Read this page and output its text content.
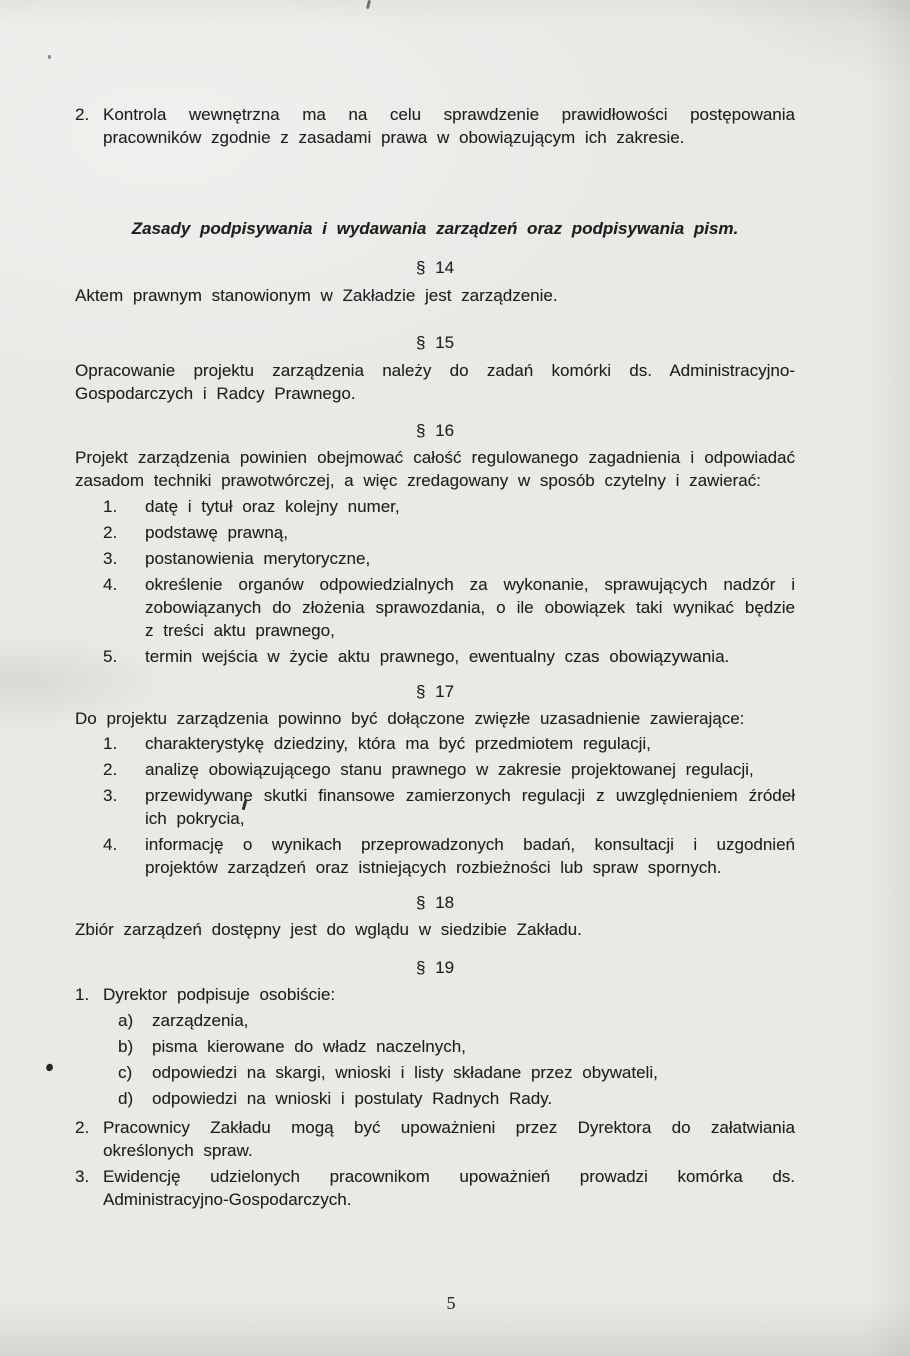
2. Kontrola wewnętrzna ma na celu sprawdzenie prawidłowości postępowania pracowników zgodnie z zasadami prawa w obowiązującym ich zakresie.
Zasady podpisywania i wydawania zarządzeń oraz podpisywania pism.
§ 14
Aktem prawnym stanowionym w Zakładzie jest zarządzenie.
§ 15
Opracowanie projektu zarządzenia należy do zadań komórki ds. Administracyjno-Gospodarczych i Radcy Prawnego.
§ 16
Projekt zarządzenia powinien obejmować całość regulowanego zagadnienia i odpowiadać zasadom techniki prawotwórczej, a więc zredagowany w sposób czytelny i zawierać:
1.	datę i tytuł oraz kolejny numer,
2.	podstawę prawną,
3.	postanowienia merytoryczne,
4.	określenie organów odpowiedzialnych za wykonanie, sprawujących nadzór i zobowiązanych do złożenia sprawozdania, o ile obowiązek taki wynikać będzie z treści aktu prawnego,
5.	termin wejścia w życie aktu prawnego, ewentualny czas obowiązywania.
§ 17
Do projektu zarządzenia powinno być dołączone zwięzłe uzasadnienie zawierające:
1.	charakterystykę dziedziny, która ma być przedmiotem regulacji,
2.	analizę obowiązującego stanu prawnego w zakresie projektowanej regulacji,
3.	przewidywane skutki finansowe zamierzonych regulacji z uwzględnieniem źródeł ich pokrycia,
4.	informację o wynikach przeprowadzonych badań, konsultacji i uzgodnień projektów zarządzeń oraz istniejących rozbieżności lub spraw spornych.
§ 18
Zbiór zarządzeń dostępny jest do wglądu w siedzibie Zakładu.
§ 19
1. Dyrektor podpisuje osobiście:
a)	zarządzenia,
b)	pisma kierowane do władz naczelnych,
c)	odpowiedzi na skargi, wnioski i listy składane przez obywateli,
d)	odpowiedzi na wnioski i postulaty Radnych Rady.
2. Pracownicy Zakładu mogą być upoważnieni przez Dyrektora do załatwiania określonych spraw.
3. Ewidencję udzielonych pracownikom upoważnień prowadzi komórka ds. Administracyjno-Gospodarczych.
5
